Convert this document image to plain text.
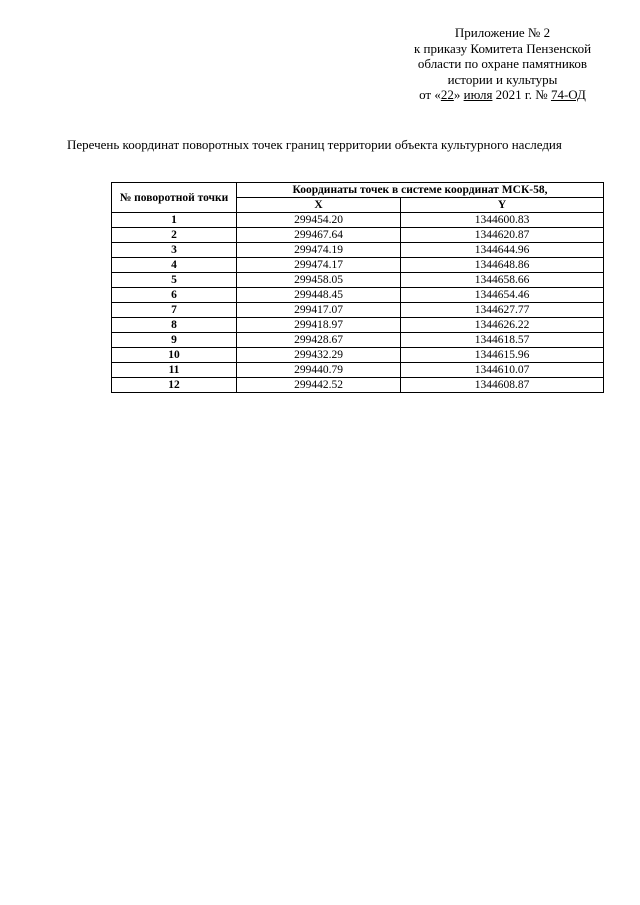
Приложение № 2
к приказу Комитета Пензенской
области по охране памятников
истории и культуры
от «22» июля 2021 г. № 74-ОД
Перечень координат поворотных точек границ территории объекта культурного наследия
№ поворотной точки	Координаты точек в системе координат МСК-58,	
	X	Y
1	299454.20	1344600.83
2	299467.64	1344620.87
3	299474.19	1344644.96
4	299474.17	1344648.86
5	299458.05	1344658.66
6	299448.45	1344654.46
7	299417.07	1344627.77
8	299418.97	1344626.22
9	299428.67	1344618.57
10	299432.29	1344615.96
11	299440.79	1344610.07
12	299442.52	1344608.87
